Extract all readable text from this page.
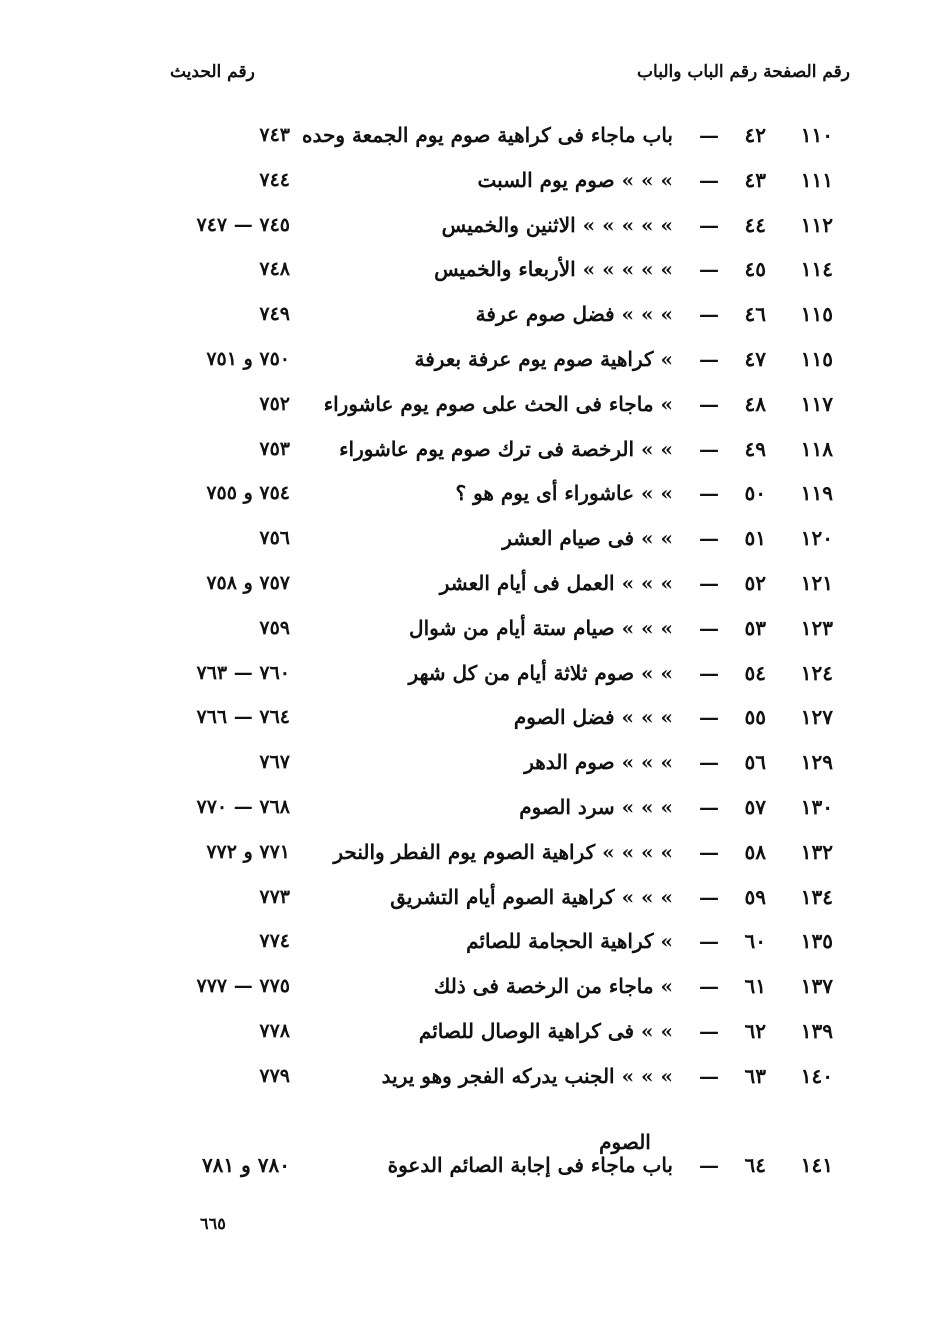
رقم الصفحة رقم الباب والباب
رقم الحديث
١١٠
٤٢
—
باب ماجاء فى كراهية صوم يوم الجمعة وحده
٧٤٣
١١١
٤٣
—
» » » صوم يوم السبت
٧٤٤
١١٢
٤٤
—
» » » » » الاثنين والخميس
٧٤٥ — ٧٤٧
١١٤
٤٥
—
» » » » » الأربعاء والخميس
٧٤٨
١١٥
٤٦
—
» » » فضل صوم عرفة
٧٤٩
١١٥
٤٧
—
» كراهية صوم يوم عرفة بعرفة
٧٥٠ و ٧٥١
١١٧
٤٨
—
» ماجاء فى الحث على صوم يوم عاشوراء
٧٥٢
١١٨
٤٩
—
» » الرخصة فى ترك صوم يوم عاشوراء
٧٥٣
١١٩
٥٠
—
» » عاشوراء أى يوم هو ؟
٧٥٤ و ٧٥٥
١٢٠
٥١
—
» » فى صيام العشر
٧٥٦
١٢١
٥٢
—
» » » العمل فى أيام العشر
٧٥٧ و ٧٥٨
١٢٣
٥٣
—
» » » صيام ستة أيام من شوال
٧٥٩
١٢٤
٥٤
—
» » صوم ثلاثة أيام من كل شهر
٧٦٠ — ٧٦٣
١٢٧
٥٥
—
» » » فضل الصوم
٧٦٤ — ٧٦٦
١٢٩
٥٦
—
» » » صوم الدهر
٧٦٧
١٣٠
٥٧
—
» » » سرد الصوم
٧٦٨ — ٧٧٠
١٣٢
٥٨
—
» » » » كراهية الصوم يوم الفطر والنحر
٧٧١ و ٧٧٢
١٣٤
٥٩
—
» » » كراهية الصوم أيام التشريق
٧٧٣
١٣٥
٦٠
—
» كراهية الحجامة للصائم
٧٧٤
١٣٧
٦١
—
» ماجاء من الرخصة فى ذلك
٧٧٥ — ٧٧٧
١٣٩
٦٢
—
» » فى كراهية الوصال للصائم
٧٧٨
١٤٠
٦٣
—
» » » الجنب يدركه الفجر وهو يريد
٧٧٩
الصوم
١٤١
٦٤
—
باب ماجاء فى إجابة الصائم الدعوة
٧٨٠ و ٧٨١
٦٦٥
